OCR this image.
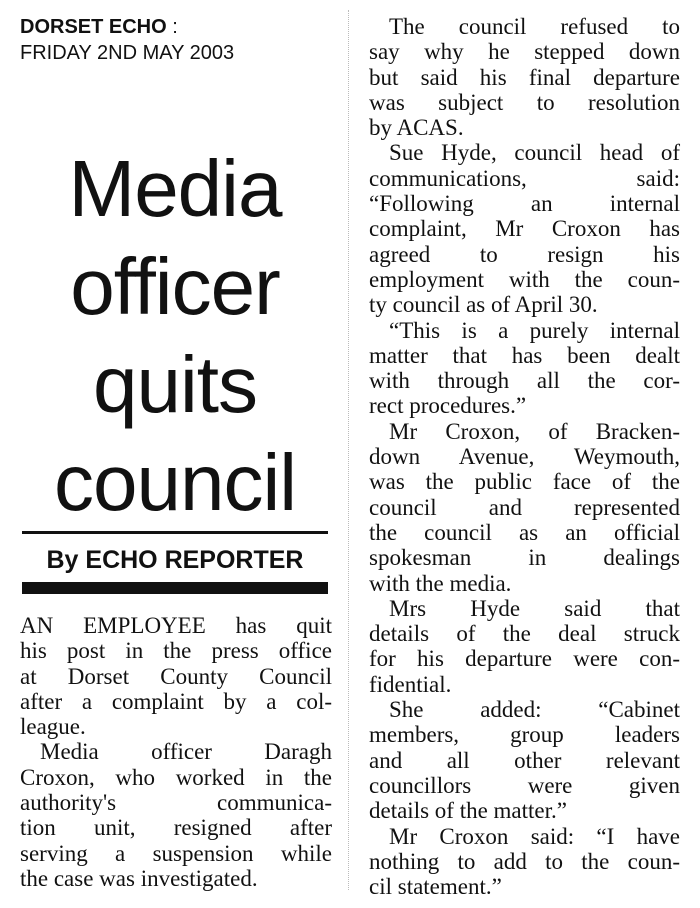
DORSET ECHO :
FRIDAY 2ND MAY 2003
Media
officer
quits
council
By ECHO REPORTER
AN EMPLOYEE has quit
his post in the press office
at Dorset County Council
after a complaint by a col-
league.
Media officer Daragh
Croxon, who worked in the
authority's communica-
tion unit, resigned after
serving a suspension while
the case was investigated.
The council refused to
say why he stepped down
but said his final departure
was subject to resolution
by ACAS.
Sue Hyde, council head of
communications, said:
“Following an internal
complaint, Mr Croxon has
agreed to resign his
employment with the coun-
ty council as of April 30.
“This is a purely internal
matter that has been dealt
with through all the cor-
rect procedures.”
Mr Croxon, of Bracken-
down Avenue, Weymouth,
was the public face of the
council and represented
the council as an official
spokesman in dealings
with the media.
Mrs Hyde said that
details of the deal struck
for his departure were con-
fidential.
She added: “Cabinet
members, group leaders
and all other relevant
councillors were given
details of the matter.”
Mr Croxon said: “I have
nothing to add to the coun-
cil statement.”
